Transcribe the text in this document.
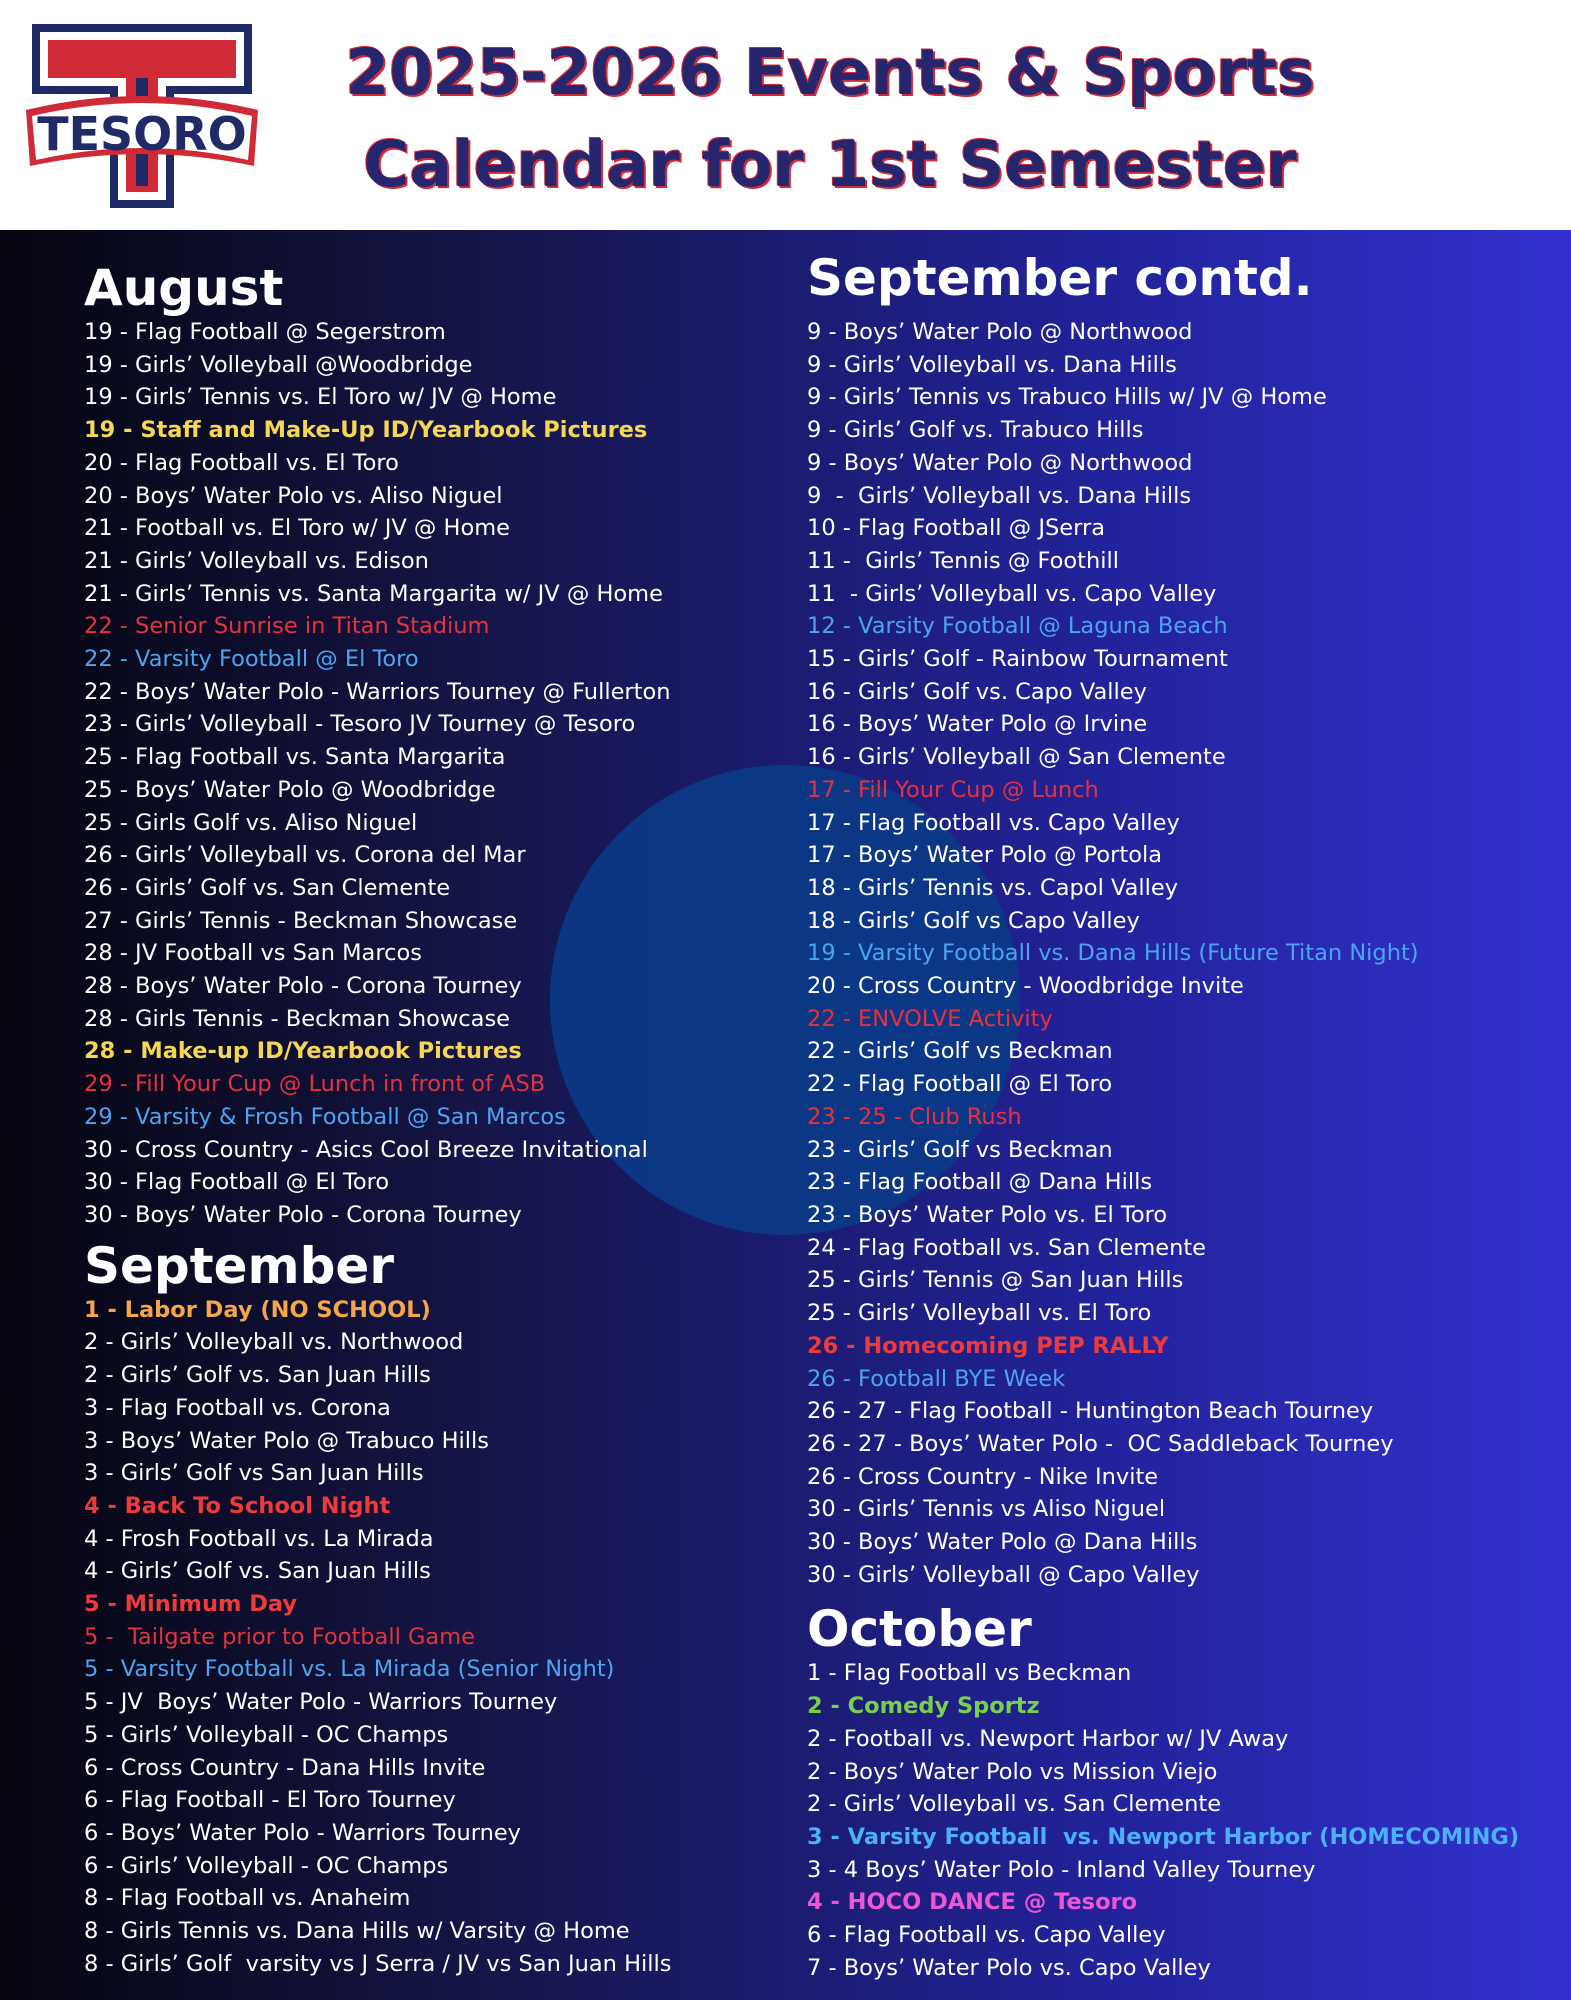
TESORO
2025-2026 Events & Sports
Calendar for 1st Semester
August
19 - Flag Football @ Segerstrom
19 - Girls’ Volleyball @Woodbridge
19 - Girls’ Tennis vs. El Toro w/ JV @ Home
19 - Staff and Make-Up ID/Yearbook Pictures
20 - Flag Football vs. El Toro
20 - Boys’ Water Polo vs. Aliso Niguel
21 - Football vs. El Toro w/ JV @ Home
21 - Girls’ Volleyball vs. Edison
21 - Girls’ Tennis vs. Santa Margarita w/ JV @ Home
22 - Senior Sunrise in Titan Stadium
22 - Varsity Football @ El Toro
22 - Boys’ Water Polo - Warriors Tourney @ Fullerton
23 - Girls’ Volleyball - Tesoro JV Tourney @ Tesoro
25 - Flag Football vs. Santa Margarita
25 - Boys’ Water Polo @ Woodbridge
25 - Girls Golf vs. Aliso Niguel
26 - Girls’ Volleyball vs. Corona del Mar
26 - Girls’ Golf vs. San Clemente
27 - Girls’ Tennis - Beckman Showcase
28 - JV Football vs San Marcos
28 - Boys’ Water Polo - Corona Tourney
28 - Girls Tennis - Beckman Showcase
28 - Make-up ID/Yearbook Pictures
29 - Fill Your Cup @ Lunch in front of ASB
29 - Varsity & Frosh Football @ San Marcos
30 - Cross Country - Asics Cool Breeze Invitational
30 - Flag Football @ El Toro
30 - Boys’ Water Polo - Corona Tourney
September
1 - Labor Day (NO SCHOOL)
2 - Girls’ Volleyball vs. Northwood
2 - Girls’ Golf vs. San Juan Hills
3 - Flag Football vs. Corona
3 - Boys’ Water Polo @ Trabuco Hills
3 - Girls’ Golf vs San Juan Hills
4 - Back To School Night
4 - Frosh Football vs. La Mirada
4 - Girls’ Golf vs. San Juan Hills
5 - Minimum Day
5 -  Tailgate prior to Football Game
5 - Varsity Football vs. La Mirada (Senior Night)
5 - JV  Boys’ Water Polo - Warriors Tourney
5 - Girls’ Volleyball - OC Champs
6 - Cross Country - Dana Hills Invite
6 - Flag Football - El Toro Tourney
6 - Boys’ Water Polo - Warriors Tourney
6 - Girls’ Volleyball - OC Champs
8 - Flag Football vs. Anaheim
8 - Girls Tennis vs. Dana Hills w/ Varsity @ Home
8 - Girls’ Golf  varsity vs J Serra / JV vs San Juan Hills
September contd.
9 - Boys’ Water Polo @ Northwood
9 - Girls’ Volleyball vs. Dana Hills
9 - Girls’ Tennis vs Trabuco Hills w/ JV @ Home
9 - Girls’ Golf vs. Trabuco Hills
9 - Boys’ Water Polo @ Northwood
9  -  Girls’ Volleyball vs. Dana Hills
10 - Flag Football @ JSerra
11 -  Girls’ Tennis @ Foothill
11  - Girls’ Volleyball vs. Capo Valley
12 - Varsity Football @ Laguna Beach
15 - Girls’ Golf - Rainbow Tournament
16 - Girls’ Golf vs. Capo Valley
16 - Boys’ Water Polo @ Irvine
16 - Girls’ Volleyball @ San Clemente
17 - Fill Your Cup @ Lunch
17 - Flag Football vs. Capo Valley
17 - Boys’ Water Polo @ Portola
18 - Girls’ Tennis vs. Capol Valley
18 - Girls’ Golf vs Capo Valley
19 - Varsity Football vs. Dana Hills (Future Titan Night)
20 - Cross Country - Woodbridge Invite
22 - ENVOLVE Activity
22 - Girls’ Golf vs Beckman
22 - Flag Football @ El Toro
23 - 25 - Club Rush
23 - Girls’ Golf vs Beckman
23 - Flag Football @ Dana Hills
23 - Boys’ Water Polo vs. El Toro
24 - Flag Football vs. San Clemente
25 - Girls’ Tennis @ San Juan Hills
25 - Girls’ Volleyball vs. El Toro
26 - Homecoming PEP RALLY
26 - Football BYE Week
26 - 27 - Flag Football - Huntington Beach Tourney
26 - 27 - Boys’ Water Polo -  OC Saddleback Tourney
26 - Cross Country - Nike Invite
30 - Girls’ Tennis vs Aliso Niguel
30 - Boys’ Water Polo @ Dana Hills
30 - Girls’ Volleyball @ Capo Valley
October
1 - Flag Football vs Beckman
2 - Comedy Sportz
2 - Football vs. Newport Harbor w/ JV Away
2 - Boys’ Water Polo vs Mission Viejo
2 - Girls’ Volleyball vs. San Clemente
3 - Varsity Football  vs. Newport Harbor (HOMECOMING)
3 - 4 Boys’ Water Polo - Inland Valley Tourney
4 - HOCO DANCE @ Tesoro
6 - Flag Football vs. Capo Valley
7 - Boys’ Water Polo vs. Capo Valley
